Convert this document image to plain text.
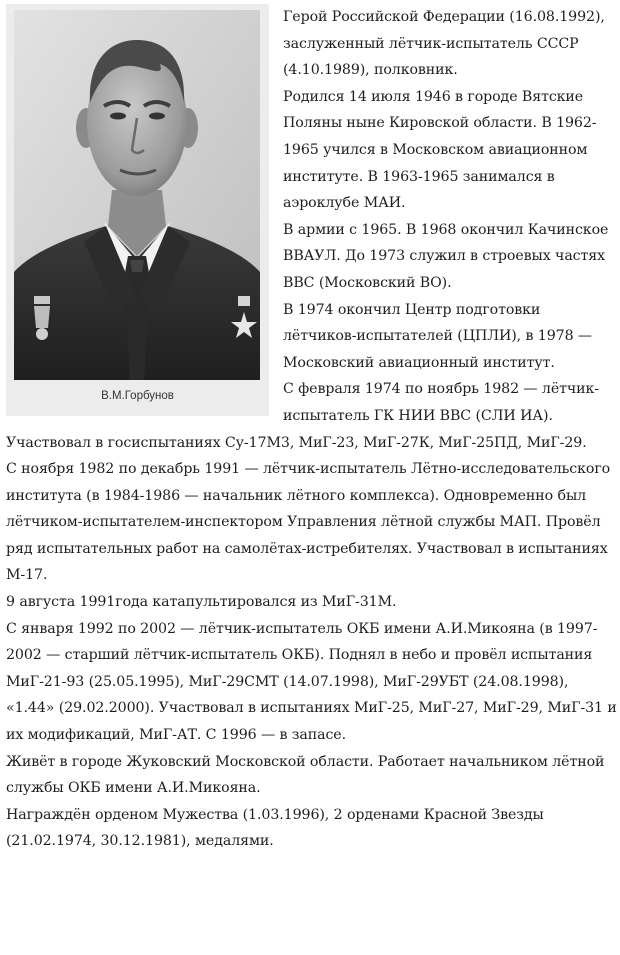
В.М.Горбунов

Герой Российской Федерации (16.08.1992), заслуженный лётчик-испытатель СССР (4.10.1989), полковник.

Родился 14 июля 1946 в городе Вятские Поляны ныне Кировской области. В 1962-1965 учился в Московском авиационном институте. В 1963-1965 занимался в аэроклубе МАИ.

В армии с 1965. В 1968 окончил Качинское ВВАУЛ. До 1973 служил в строевых частях ВВС (Московский ВО).

В 1974 окончил Центр подготовки лётчиков-испытателей (ЦПЛИ), в 1978 — Московский авиационный институт.

С февраля 1974 по ноябрь 1982 — лётчик-испытатель ГК НИИ ВВС (СЛИ ИА).

Участвовал в госиспытаниях Су-17М3, МиГ-23, МиГ-27К, МиГ-25ПД, МиГ-29.

С ноября 1982 по декабрь 1991 — лётчик-испытатель Лётно-исследовательского института (в 1984-1986 — начальник лётного комплекса). Одновременно был лётчиком-испытателем-инспектором Управления лётной службы МАП. Провёл ряд испытательных работ на самолётах-истребителях. Участвовал в испытаниях М-17.

9 августа 1991года катапультировался из МиГ-31М.

С января 1992 по 2002 — лётчик-испытатель ОКБ имени А.И.Микояна (в 1997-2002 — старший лётчик-испытатель ОКБ). Поднял в небо и провёл испытания МиГ-21-93 (25.05.1995), МиГ-29СМТ (14.07.1998), МиГ-29УБТ (24.08.1998), «1.44» (29.02.2000). Участвовал в испытаниях МиГ-25, МиГ-27, МиГ-29, МиГ-31 и их модификаций, МиГ-АТ. С 1996 — в запасе.

Живёт в городе Жуковский Московской области. Работает начальником лётной службы ОКБ имени А.И.Микояна.

Награждён орденом Мужества (1.03.1996), 2 орденами Красной Звезды (21.02.1974, 30.12.1981), медалями.
